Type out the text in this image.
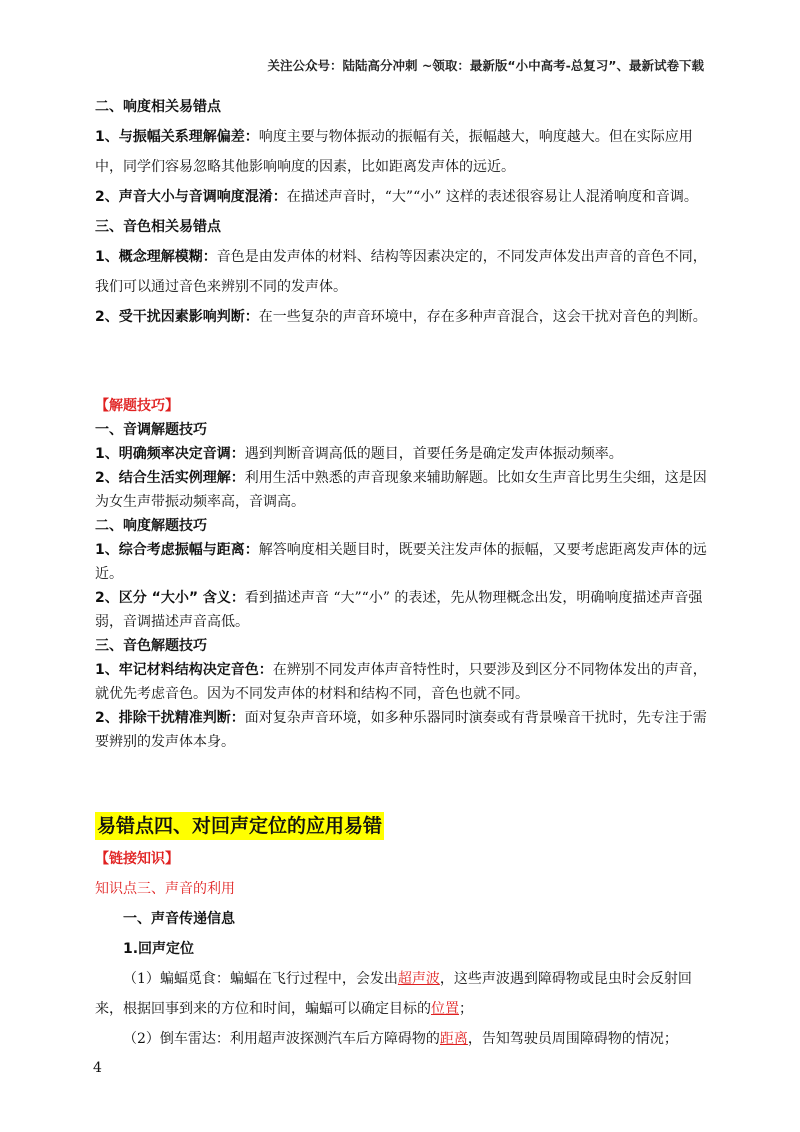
关注公众号：陆陆高分冲刺 ~领取：最新版“小中高考-总复习”、最新试卷下载

二、响度相关易错点

1、与振幅关系理解偏差：响度主要与物体振动的振幅有关，振幅越大，响度越大。但在实际应用中，同学们容易忽略其他影响响度的因素，比如距离发声体的远近。

2、声音大小与音调响度混淆：在描述声音时，“大”“小” 这样的表述很容易让人混淆响度和音调。

三、音色相关易错点

1、概念理解模糊：音色是由发声体的材料、结构等因素决定的，不同发声体发出声音的音色不同，我们可以通过音色来辨别不同的发声体。

2、受干扰因素影响判断：在一些复杂的声音环境中，存在多种声音混合，这会干扰对音色的判断。

【解题技巧】

一、音调解题技巧

1、明确频率决定音调：遇到判断音调高低的题目，首要任务是确定发声体振动频率。

2、结合生活实例理解：利用生活中熟悉的声音现象来辅助解题。比如女生声音比男生尖细，这是因为女生声带振动频率高，音调高。

二、响度解题技巧

1、综合考虑振幅与距离：解答响度相关题目时，既要关注发声体的振幅，又要考虑距离发声体的远近。

2、区分 “大小” 含义：看到描述声音 “大”“小” 的表述，先从物理概念出发，明确响度描述声音强弱，音调描述声音高低。

三、音色解题技巧

1、牢记材料结构决定音色：在辨别不同发声体声音特性时，只要涉及到区分不同物体发出的声音，就优先考虑音色。因为不同发声体的材料和结构不同，音色也就不同。

2、排除干扰精准判断：面对复杂声音环境，如多种乐器同时演奏或有背景噪音干扰时，先专注于需要辨别的发声体本身。

易错点四、对回声定位的应用易错

【链接知识】

知识点三、声音的利用

一、声音传递信息

1.回声定位

（1）蝙蝠觅食：蝙蝠在飞行过程中，会发出超声波，这些声波遇到障碍物或昆虫时会反射回来，根据回事到来的方位和时间，蝙蝠可以确定目标的位置；

（2）倒车雷达：利用超声波探测汽车后方障碍物的距离，告知驾驶员周围障碍物的情况；

4
